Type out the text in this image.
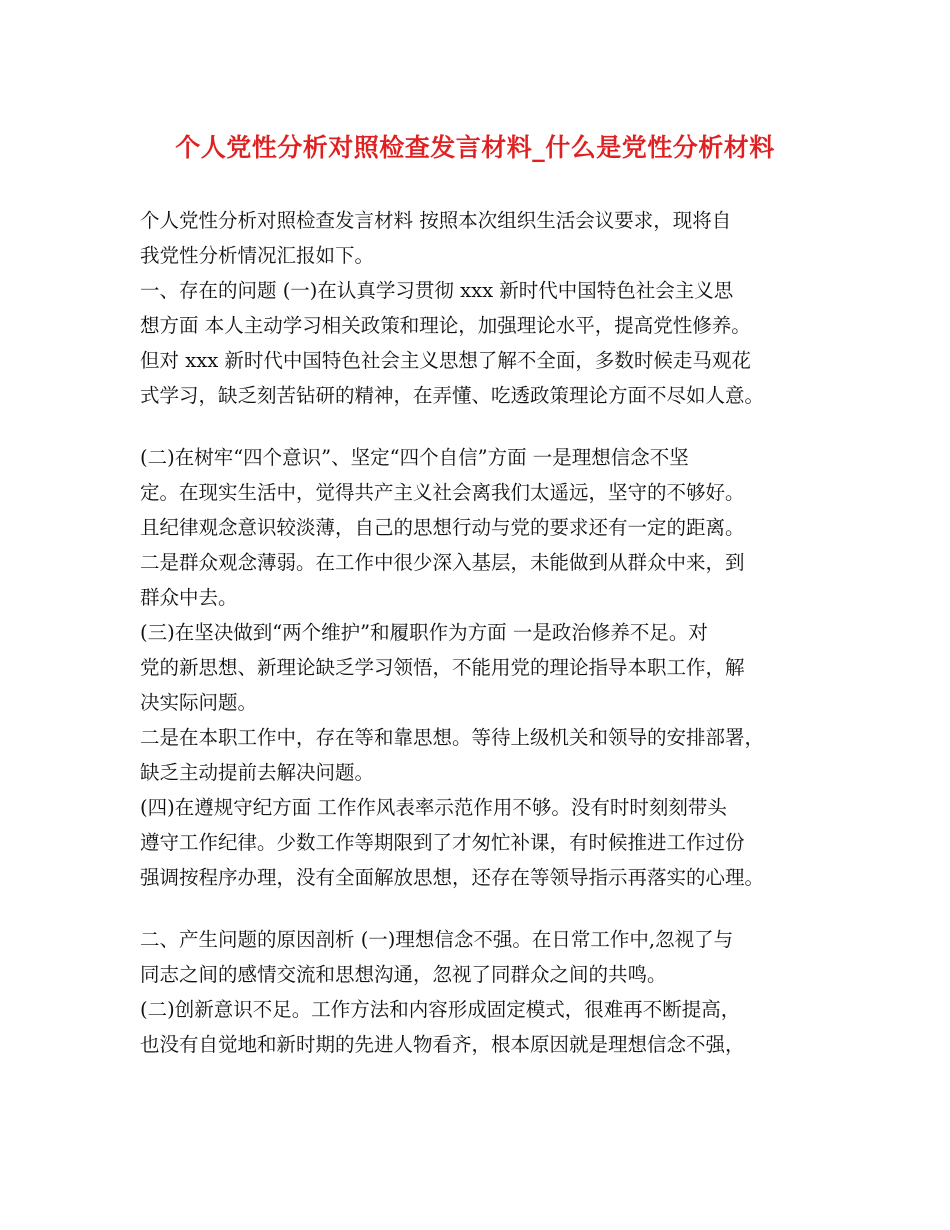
个人党性分析对照检查发言材料_什么是党性分析材料
个人党性分析对照检查发言材料 按照本次组织生活会议要求，现将自
我党性分析情况汇报如下。
一、存在的问题 (一)在认真学习贯彻 xxx 新时代中国特色社会主义思
想方面 本人主动学习相关政策和理论，加强理论水平，提高党性修养。
但对 xxx 新时代中国特色社会主义思想了解不全面，多数时候走马观花
式学习，缺乏刻苦钻研的精神，在弄懂、吃透政策理论方面不尽如人意。
(二)在树牢“四个意识”、坚定“四个自信”方面 一是理想信念不坚
定。在现实生活中，觉得共产主义社会离我们太遥远，坚守的不够好。
且纪律观念意识较淡薄，自己的思想行动与党的要求还有一定的距离。
二是群众观念薄弱。在工作中很少深入基层，未能做到从群众中来，到
群众中去。
(三)在坚决做到“两个维护”和履职作为方面 一是政治修养不足。对
党的新思想、新理论缺乏学习领悟，不能用党的理论指导本职工作，解
决实际问题。
二是在本职工作中，存在等和靠思想。等待上级机关和领导的安排部署，
缺乏主动提前去解决问题。
(四)在遵规守纪方面 工作作风表率示范作用不够。没有时时刻刻带头
遵守工作纪律。少数工作等期限到了才匆忙补课，有时候推进工作过份
强调按程序办理，没有全面解放思想，还存在等领导指示再落实的心理。
二、产生问题的原因剖析 (一)理想信念不强。在日常工作中,忽视了与
同志之间的感情交流和思想沟通，忽视了同群众之间的共鸣。
(二)创新意识不足。工作方法和内容形成固定模式，很难再不断提高，
也没有自觉地和新时期的先进人物看齐，根本原因就是理想信念不强，
